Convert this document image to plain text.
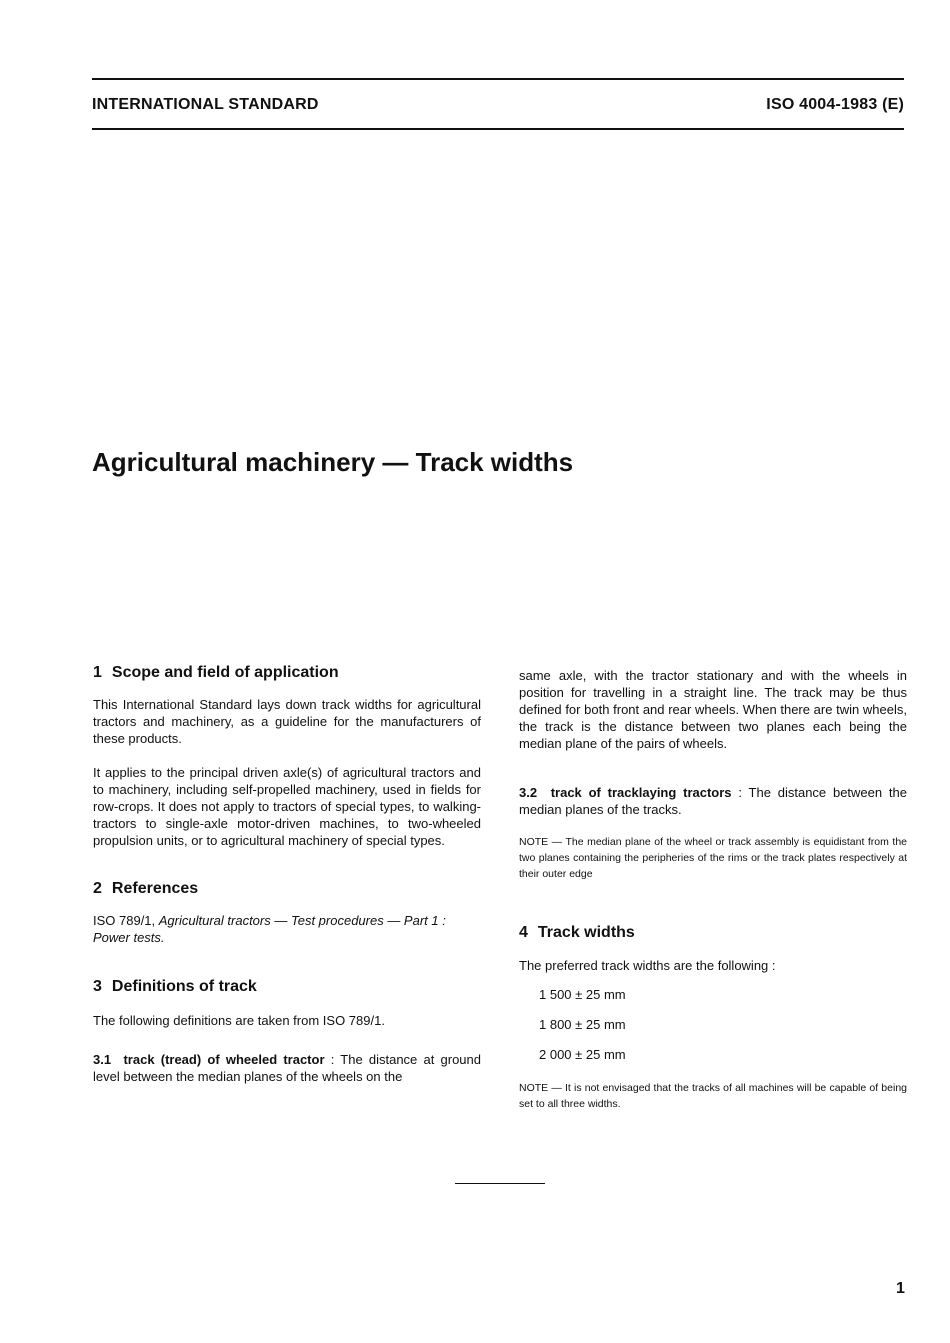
INTERNATIONAL STANDARD	ISO 4004-1983 (E)
Agricultural machinery — Track widths
1 Scope and field of application

This International Standard lays down track widths for agricultural tractors and machinery, as a guideline for the manufacturers of these products.

It applies to the principal driven axle(s) of agricultural tractors and to machinery, including self-propelled machinery, used in fields for row-crops. It does not apply to tractors of special types, to walking-tractors to single-axle motor-driven machines, to two-wheeled propulsion units, or to agricultural machinery of special types.

2 References

ISO 789/1, Agricultural tractors — Test procedures — Part 1 : Power tests.

3 Definitions of track

The following definitions are taken from ISO 789/1.

3.1 track (tread) of wheeled tractor : The distance at ground level between the median planes of the wheels on the

same axle, with the tractor stationary and with the wheels in position for travelling in a straight line. The track may be thus defined for both front and rear wheels. When there are twin wheels, the track is the distance between two planes each being the median plane of the pairs of wheels.

3.2 track of tracklaying tractors : The distance between the median planes of the tracks.

NOTE — The median plane of the wheel or track assembly is equidistant from the two planes containing the peripheries of the rims or the track plates respectively at their outer edge

4 Track widths

The preferred track widths are the following :

1 500 ± 25 mm
1 800 ± 25 mm
2 000 ± 25 mm

NOTE — It is not envisaged that the tracks of all machines will be capable of being set to all three widths.

1
